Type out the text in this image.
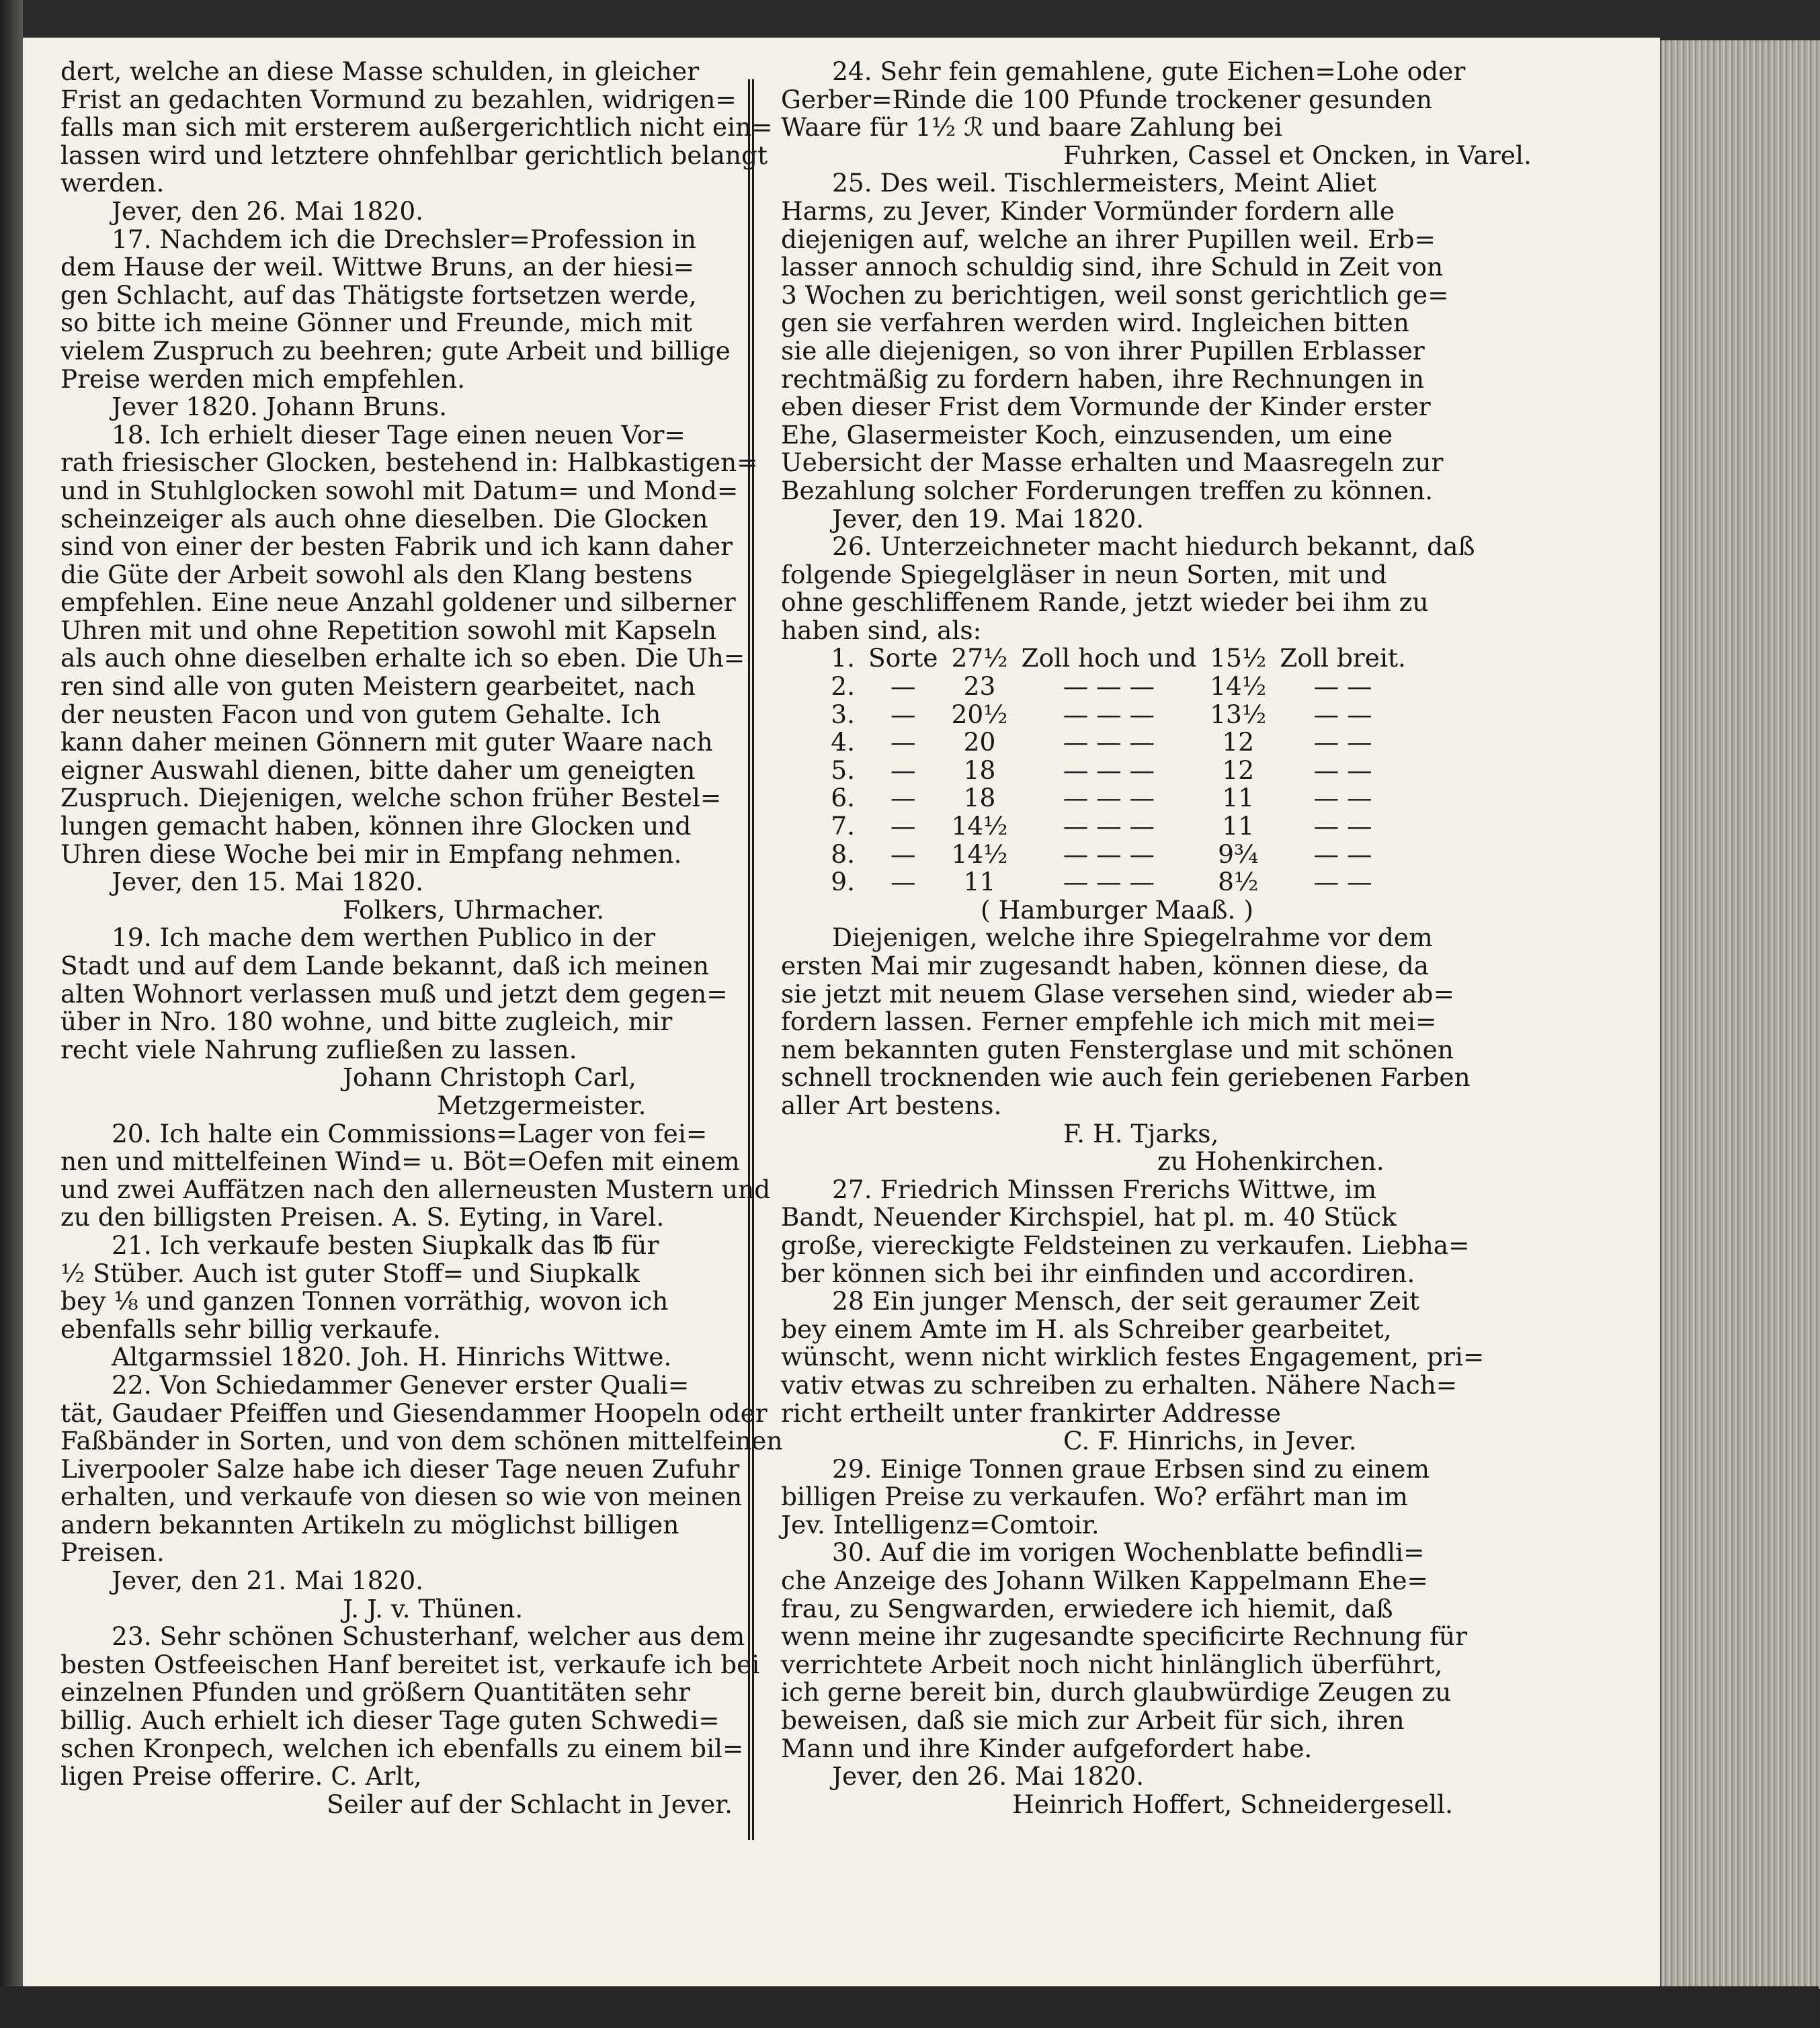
dert, welche an diese Masse schulden, in gleicher
Frist an gedachten Vormund zu bezahlen, widrigen=
falls man sich mit ersterem außergerichtlich nicht ein=
lassen wird und letztere ohnfehlbar gerichtlich belangt
werden.
Jever, den 26. Mai 1820.
17. Nachdem ich die Drechsler=Profession in
dem Hause der weil. Wittwe Bruns, an der hiesi=
gen Schlacht, auf das Thätigste fortsetzen werde,
so bitte ich meine Gönner und Freunde, mich mit
vielem Zuspruch zu beehren; gute Arbeit und billige
Preise werden mich empfehlen.
Jever 1820. Johann Bruns.
18. Ich erhielt dieser Tage einen neuen Vor=
rath friesischer Glocken, bestehend in: Halbkastigen=
und in Stuhlglocken sowohl mit Datum= und Mond=
scheinzeiger als auch ohne dieselben. Die Glocken
sind von einer der besten Fabrik und ich kann daher
die Güte der Arbeit sowohl als den Klang bestens
empfehlen. Eine neue Anzahl goldener und silberner
Uhren mit und ohne Repetition sowohl mit Kapseln
als auch ohne dieselben erhalte ich so eben. Die Uh=
ren sind alle von guten Meistern gearbeitet, nach
der neusten Facon und von gutem Gehalte. Ich
kann daher meinen Gönnern mit guter Waare nach
eigner Auswahl dienen, bitte daher um geneigten
Zuspruch. Diejenigen, welche schon früher Bestel=
lungen gemacht haben, können ihre Glocken und
Uhren diese Woche bei mir in Empfang nehmen.
Jever, den 15. Mai 1820.
Folkers, Uhrmacher.
19. Ich mache dem werthen Publico in der
Stadt und auf dem Lande bekannt, daß ich meinen
alten Wohnort verlassen muß und jetzt dem gegen=
über in Nro. 180 wohne, und bitte zugleich, mir
recht viele Nahrung zufließen zu lassen.
Johann Christoph Carl,
Metzgermeister.
20. Ich halte ein Commissions=Lager von fei=
nen und mittelfeinen Wind= u. Böt=Oefen mit einem
und zwei Auffätzen nach den allerneusten Mustern und
zu den billigsten Preisen. A. S. Eyting, in Varel.
21. Ich verkaufe besten Siupkalk das ℔ für
½ Stüber. Auch ist guter Stoff= und Siupkalk
bey ⅛ und ganzen Tonnen vorräthig, wovon ich
ebenfalls sehr billig verkaufe.
Altgarmssiel 1820. Joh. H. Hinrichs Wittwe.
22. Von Schiedammer Genever erster Quali=
tät, Gaudaer Pfeiffen und Giesendammer Hoopeln oder
Faßbänder in Sorten, und von dem schönen mittelfeinen
Liverpooler Salze habe ich dieser Tage neuen Zufuhr
erhalten, und verkaufe von diesen so wie von meinen
andern bekannten Artikeln zu möglichst billigen
Preisen.
Jever, den 21. Mai 1820.
J. J. v. Thünen.
23. Sehr schönen Schusterhanf, welcher aus dem
besten Ostfeeischen Hanf bereitet ist, verkaufe ich bei
einzelnen Pfunden und größern Quantitäten sehr
billig. Auch erhielt ich dieser Tage guten Schwedi=
schen Kronpech, welchen ich ebenfalls zu einem bil=
ligen Preise offerire. C. Arlt,
Seiler auf der Schlacht in Jever.
24. Sehr fein gemahlene, gute Eichen=Lohe oder
Gerber=Rinde die 100 Pfunde trockener gesunden
Waare für 1½ ℛ und baare Zahlung bei
Fuhrken, Cassel et Oncken, in Varel.
25. Des weil. Tischlermeisters, Meint Aliet
Harms, zu Jever, Kinder Vormünder fordern alle
diejenigen auf, welche an ihrer Pupillen weil. Erb=
lasser annoch schuldig sind, ihre Schuld in Zeit von
3 Wochen zu berichtigen, weil sonst gerichtlich ge=
gen sie verfahren werden wird. Ingleichen bitten
sie alle diejenigen, so von ihrer Pupillen Erblasser
rechtmäßig zu fordern haben, ihre Rechnungen in
eben dieser Frist dem Vormunde der Kinder erster
Ehe, Glasermeister Koch, einzusenden, um eine
Uebersicht der Masse erhalten und Maasregeln zur
Bezahlung solcher Forderungen treffen zu können.
Jever, den 19. Mai 1820.
26. Unterzeichneter macht hiedurch bekannt, daß
folgende Spiegelgläser in neun Sorten, mit und
ohne geschliffenem Rande, jetzt wieder bei ihm zu
haben sind, als:
1.	Sorte	27½	Zoll hoch und	15½	Zoll breit.
2.	—	23	— — —	14½	— —
3.	—	20½	— — —	13½	— —
4.	—	20	— — —	12	— —
5.	—	18	— — —	12	— —
6.	—	18	— — —	11	— —
7.	—	14½	— — —	11	— —
8.	—	14½	— — —	9¾	— —
9.	—	11	— — —	8½	— —
( Hamburger Maaß. )
Diejenigen, welche ihre Spiegelrahme vor dem
ersten Mai mir zugesandt haben, können diese, da
sie jetzt mit neuem Glase versehen sind, wieder ab=
fordern lassen. Ferner empfehle ich mich mit mei=
nem bekannten guten Fensterglase und mit schönen
schnell trocknenden wie auch fein geriebenen Farben
aller Art bestens.
F. H. Tjarks,
zu Hohenkirchen.
27. Friedrich Minssen Frerichs Wittwe, im
Bandt, Neuender Kirchspiel, hat pl. m. 40 Stück
große, viereckigte Feldsteinen zu verkaufen. Liebha=
ber können sich bei ihr einfinden und accordiren.
28 Ein junger Mensch, der seit geraumer Zeit
bey einem Amte im H. als Schreiber gearbeitet,
wünscht, wenn nicht wirklich festes Engagement, pri=
vativ etwas zu schreiben zu erhalten. Nähere Nach=
richt ertheilt unter frankirter Addresse
C. F. Hinrichs, in Jever.
29. Einige Tonnen graue Erbsen sind zu einem
billigen Preise zu verkaufen. Wo? erfährt man im
Jev. Intelligenz=Comtoir.
30. Auf die im vorigen Wochenblatte befindli=
che Anzeige des Johann Wilken Kappelmann Ehe=
frau, zu Sengwarden, erwiedere ich hiemit, daß
wenn meine ihr zugesandte specificirte Rechnung für
verrichtete Arbeit noch nicht hinlänglich überführt,
ich gerne bereit bin, durch glaubwürdige Zeugen zu
beweisen, daß sie mich zur Arbeit für sich, ihren
Mann und ihre Kinder aufgefordert habe.
Jever, den 26. Mai 1820.
Heinrich Hoffert, Schneidergesell.
